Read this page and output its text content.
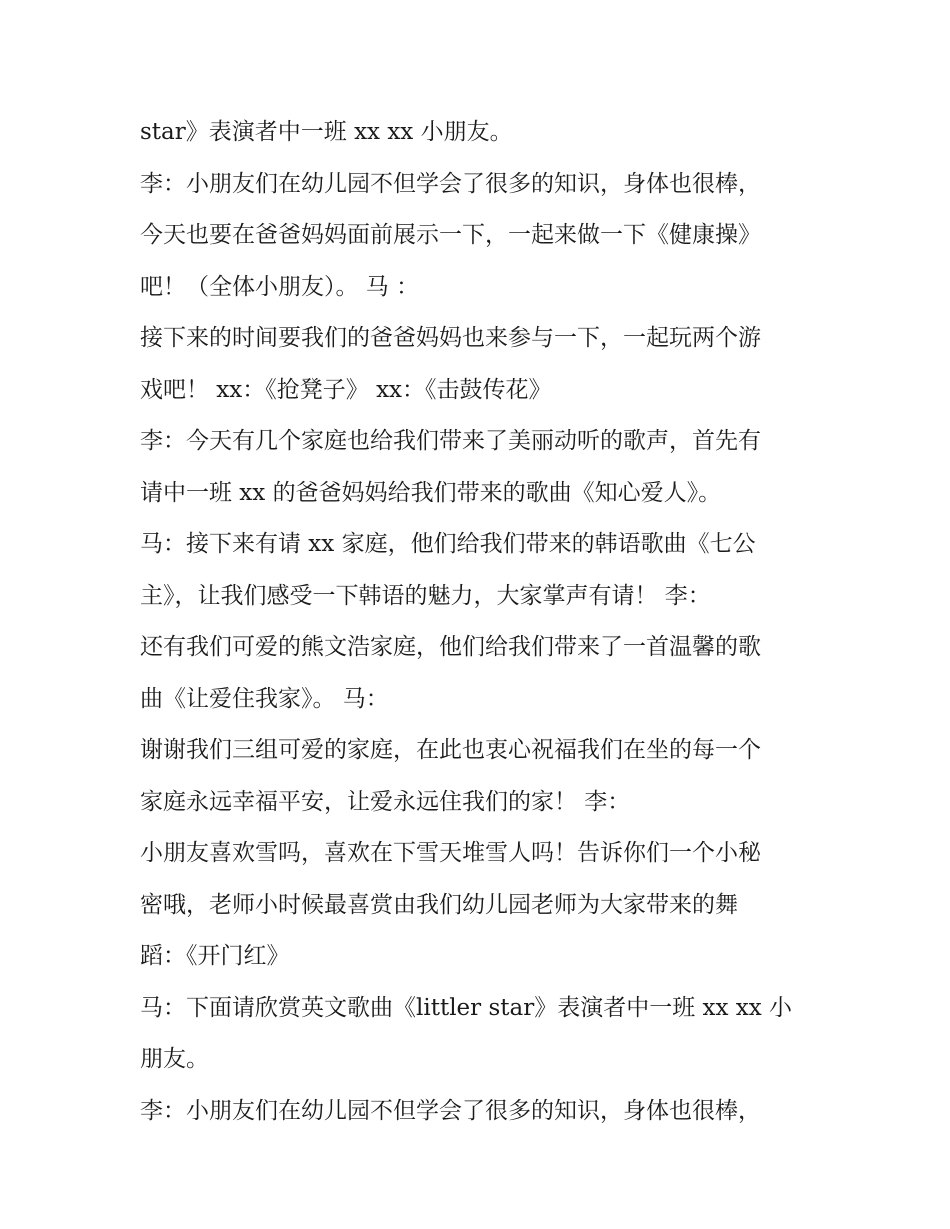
star》表演者中一班 xx xx 小朋友。
李：小朋友们在幼儿园不但学会了很多的知识，身体也很棒，
今天也要在爸爸妈妈面前展示一下，一起来做一下《健康操》
吧！（全体小朋友）。 马 ：
接下来的时间要我们的爸爸妈妈也来参与一下，一起玩两个游
戏吧！ xx：《抢凳子》 xx：《击鼓传花》
李：今天有几个家庭也给我们带来了美丽动听的歌声，首先有
请中一班 xx 的爸爸妈妈给我们带来的歌曲《知心爱人》。
马：接下来有请 xx 家庭，他们给我们带来的韩语歌曲《七公
主》，让我们感受一下韩语的魅力，大家掌声有请！ 李：
还有我们可爱的熊文浩家庭，他们给我们带来了一首温馨的歌
曲《让爱住我家》。 马：
谢谢我们三组可爱的家庭，在此也衷心祝福我们在坐的每一个
家庭永远幸福平安，让爱永远住我们的家！ 李：
小朋友喜欢雪吗，喜欢在下雪天堆雪人吗！告诉你们一个小秘
密哦，老师小时候最喜赏由我们幼儿园老师为大家带来的舞
蹈：《开门红》
马：下面请欣赏英文歌曲《littler star》表演者中一班 xx xx 小
朋友。
李：小朋友们在幼儿园不但学会了很多的知识，身体也很棒，
